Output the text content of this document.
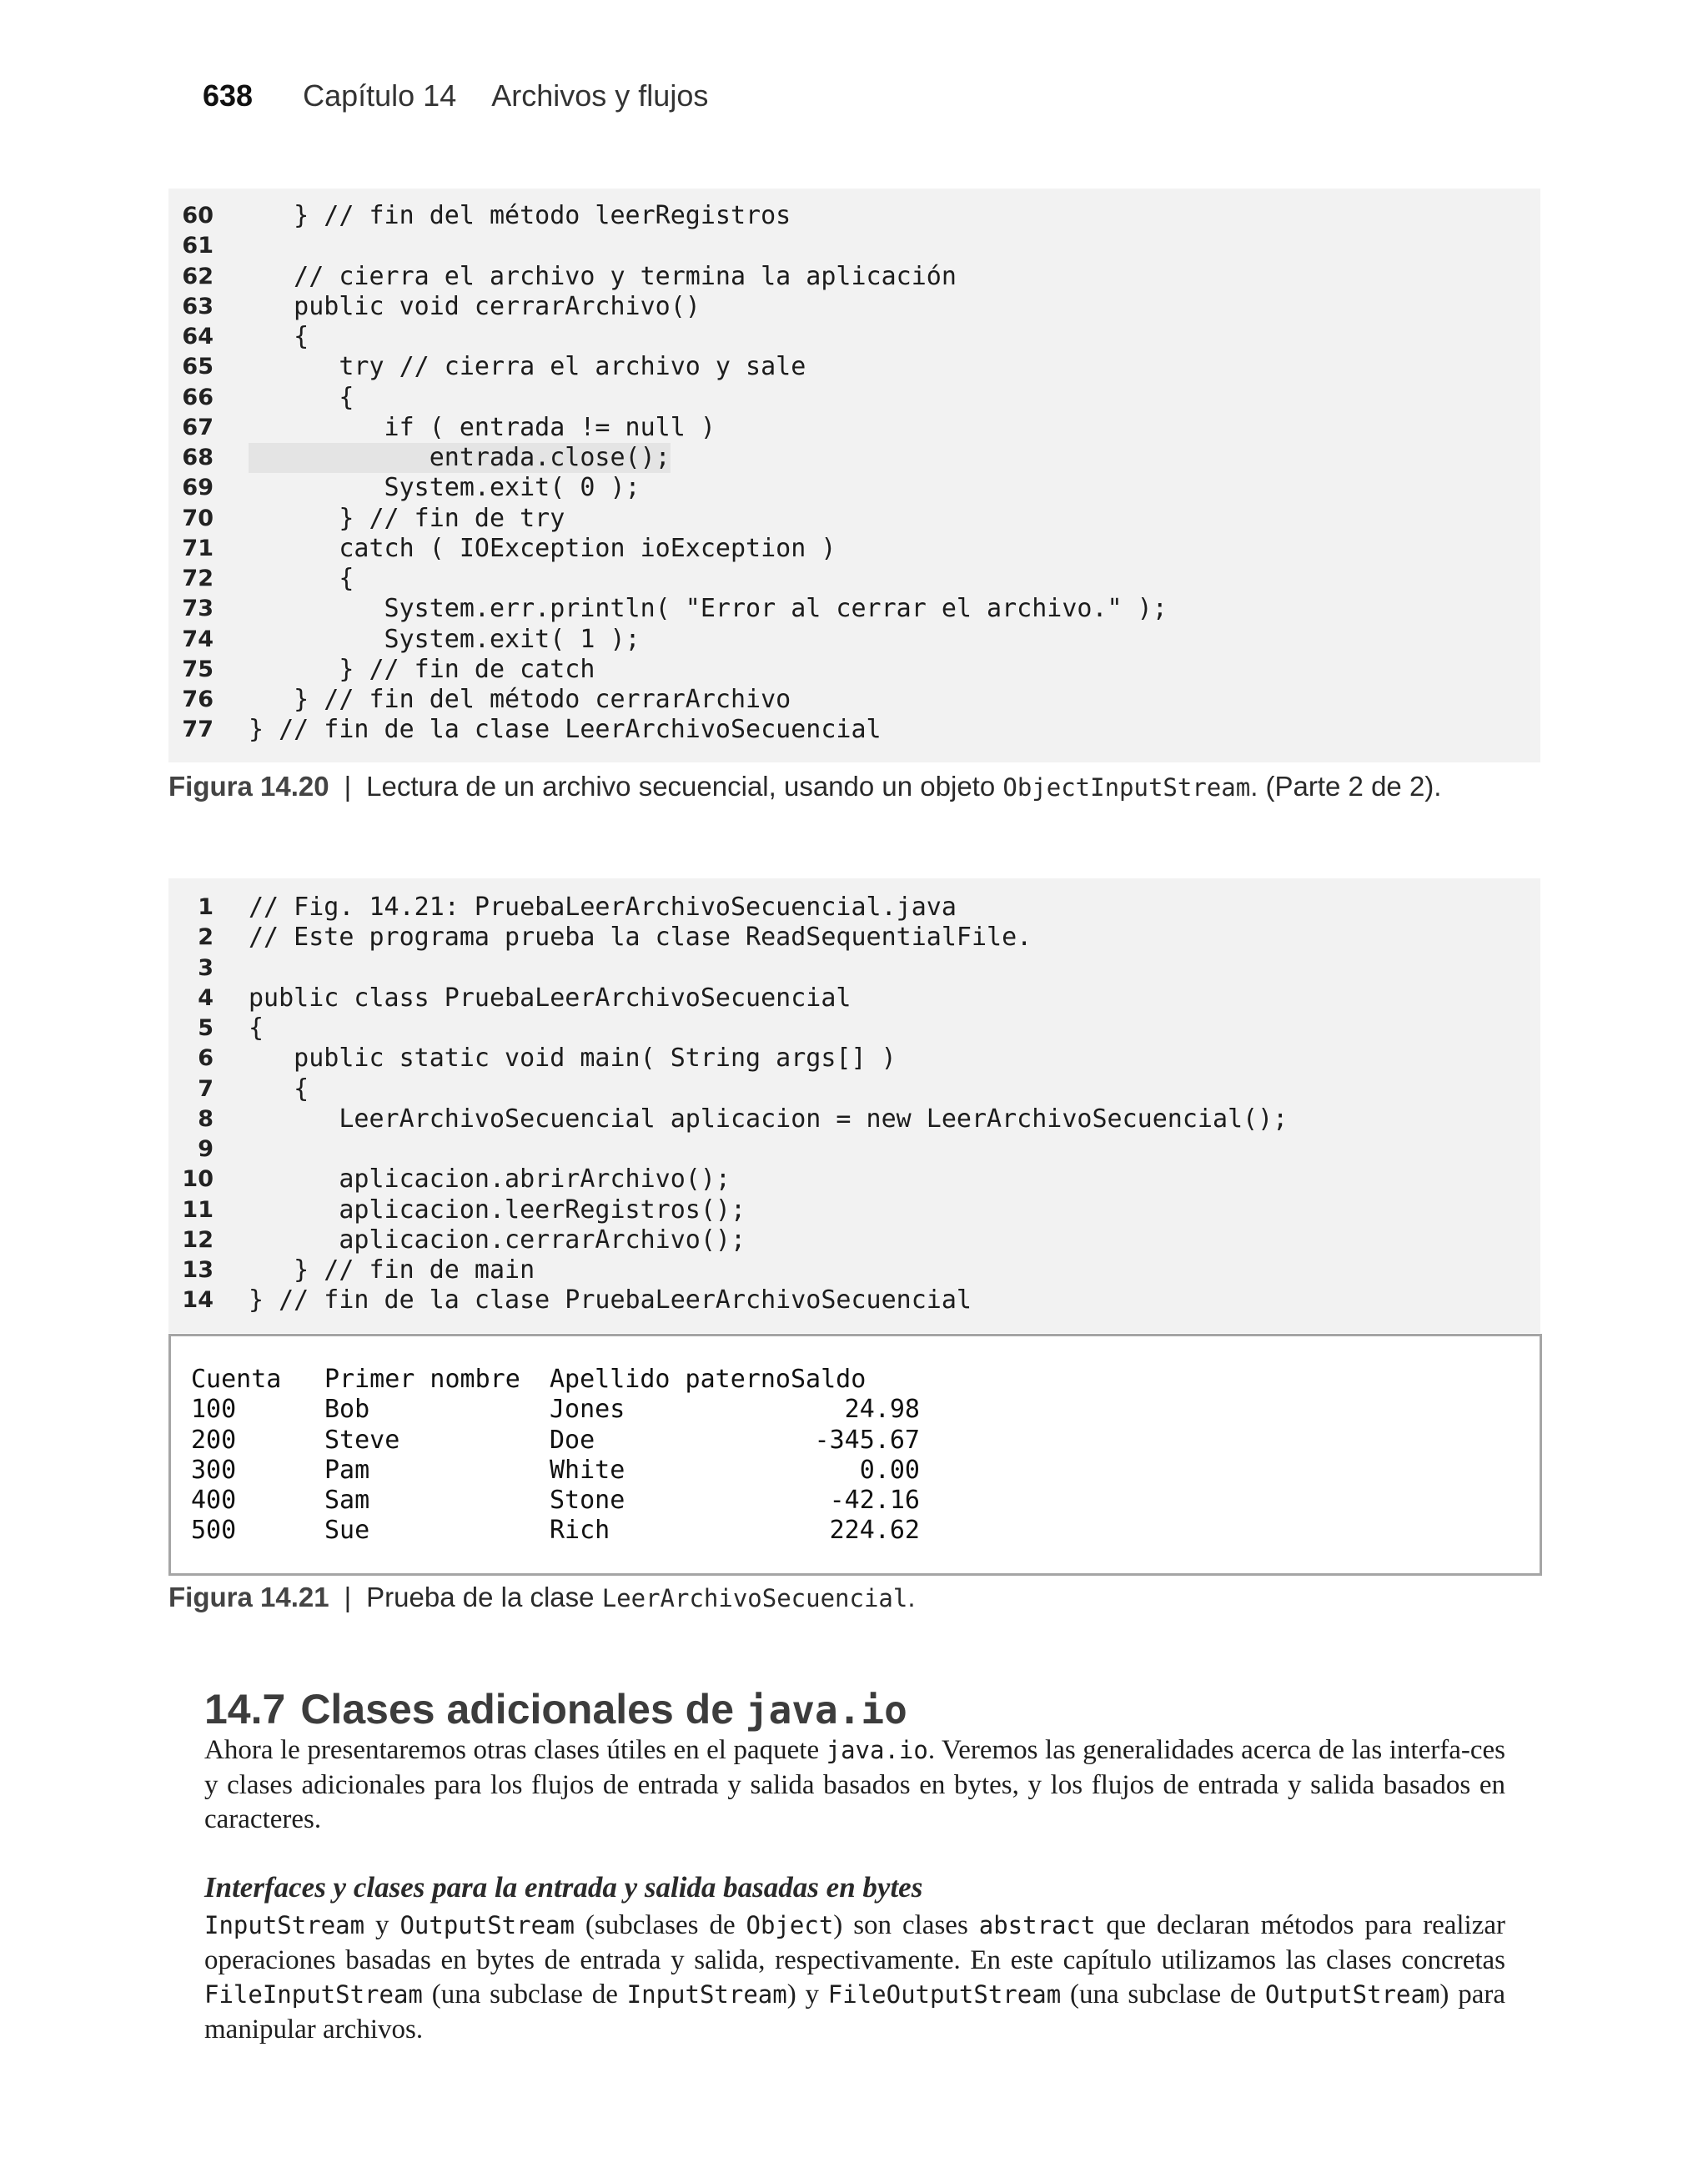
638 Capítulo 14 Archivos y flujos
60 } // fin del método leerRegistros
61
62 // cierra el archivo y termina la aplicación
63 public void cerrarArchivo()
64 {
65 try // cierra el archivo y sale
66 {
67 if ( entrada != null )
68 entrada.close();
69 System.exit( 0 );
70 } // fin de try
71 catch ( IOException ioException )
72 {
73 System.err.println( "Error al cerrar el archivo." );
74 System.exit( 1 );
75 } // fin de catch
76 } // fin del método cerrarArchivo
77 } // fin de la clase LeerArchivoSecuencial
Figura 14.20 | Lectura de un archivo secuencial, usando un objeto ObjectInputStream. (Parte 2 de 2).
1 // Fig. 14.21: PruebaLeerArchivoSecuencial.java
2 // Este programa prueba la clase ReadSequentialFile.
3
4 public class PruebaLeerArchivoSecuencial
5 {
6 public static void main( String args[] )
7 {
8 LeerArchivoSecuencial aplicacion = new LeerArchivoSecuencial();
9
10 aplicacion.abrirArchivo();
11 aplicacion.leerRegistros();
12 aplicacion.cerrarArchivo();
13 } // fin de main
14 } // fin de la clase PruebaLeerArchivoSecuencial
Cuenta	Primer nombre	Apellido paterno	Saldo
100	Bob	Jones	24.98
200	Steve	Doe	-345.67
300	Pam	White	0.00
400	Sam	Stone	-42.16
500	Sue	Rich	224.62
Figura 14.21 | Prueba de la clase LeerArchivoSecuencial.
14.7 Clases adicionales de java.io
Ahora le presentaremos otras clases útiles en el paquete java.io. Veremos las generalidades acerca de las interfa-ces y clases adicionales para los flujos de entrada y salida basados en bytes, y los flujos de entrada y salida basados en caracteres.
Interfaces y clases para la entrada y salida basadas en bytes
InputStream y OutputStream (subclases de Object) son clases abstract que declaran métodos para realizar operaciones basadas en bytes de entrada y salida, respectivamente. En este capítulo utilizamos las clases concretas FileInputStream (una subclase de InputStream) y FileOutputStream (una subclase de OutputStream) para manipular archivos.
